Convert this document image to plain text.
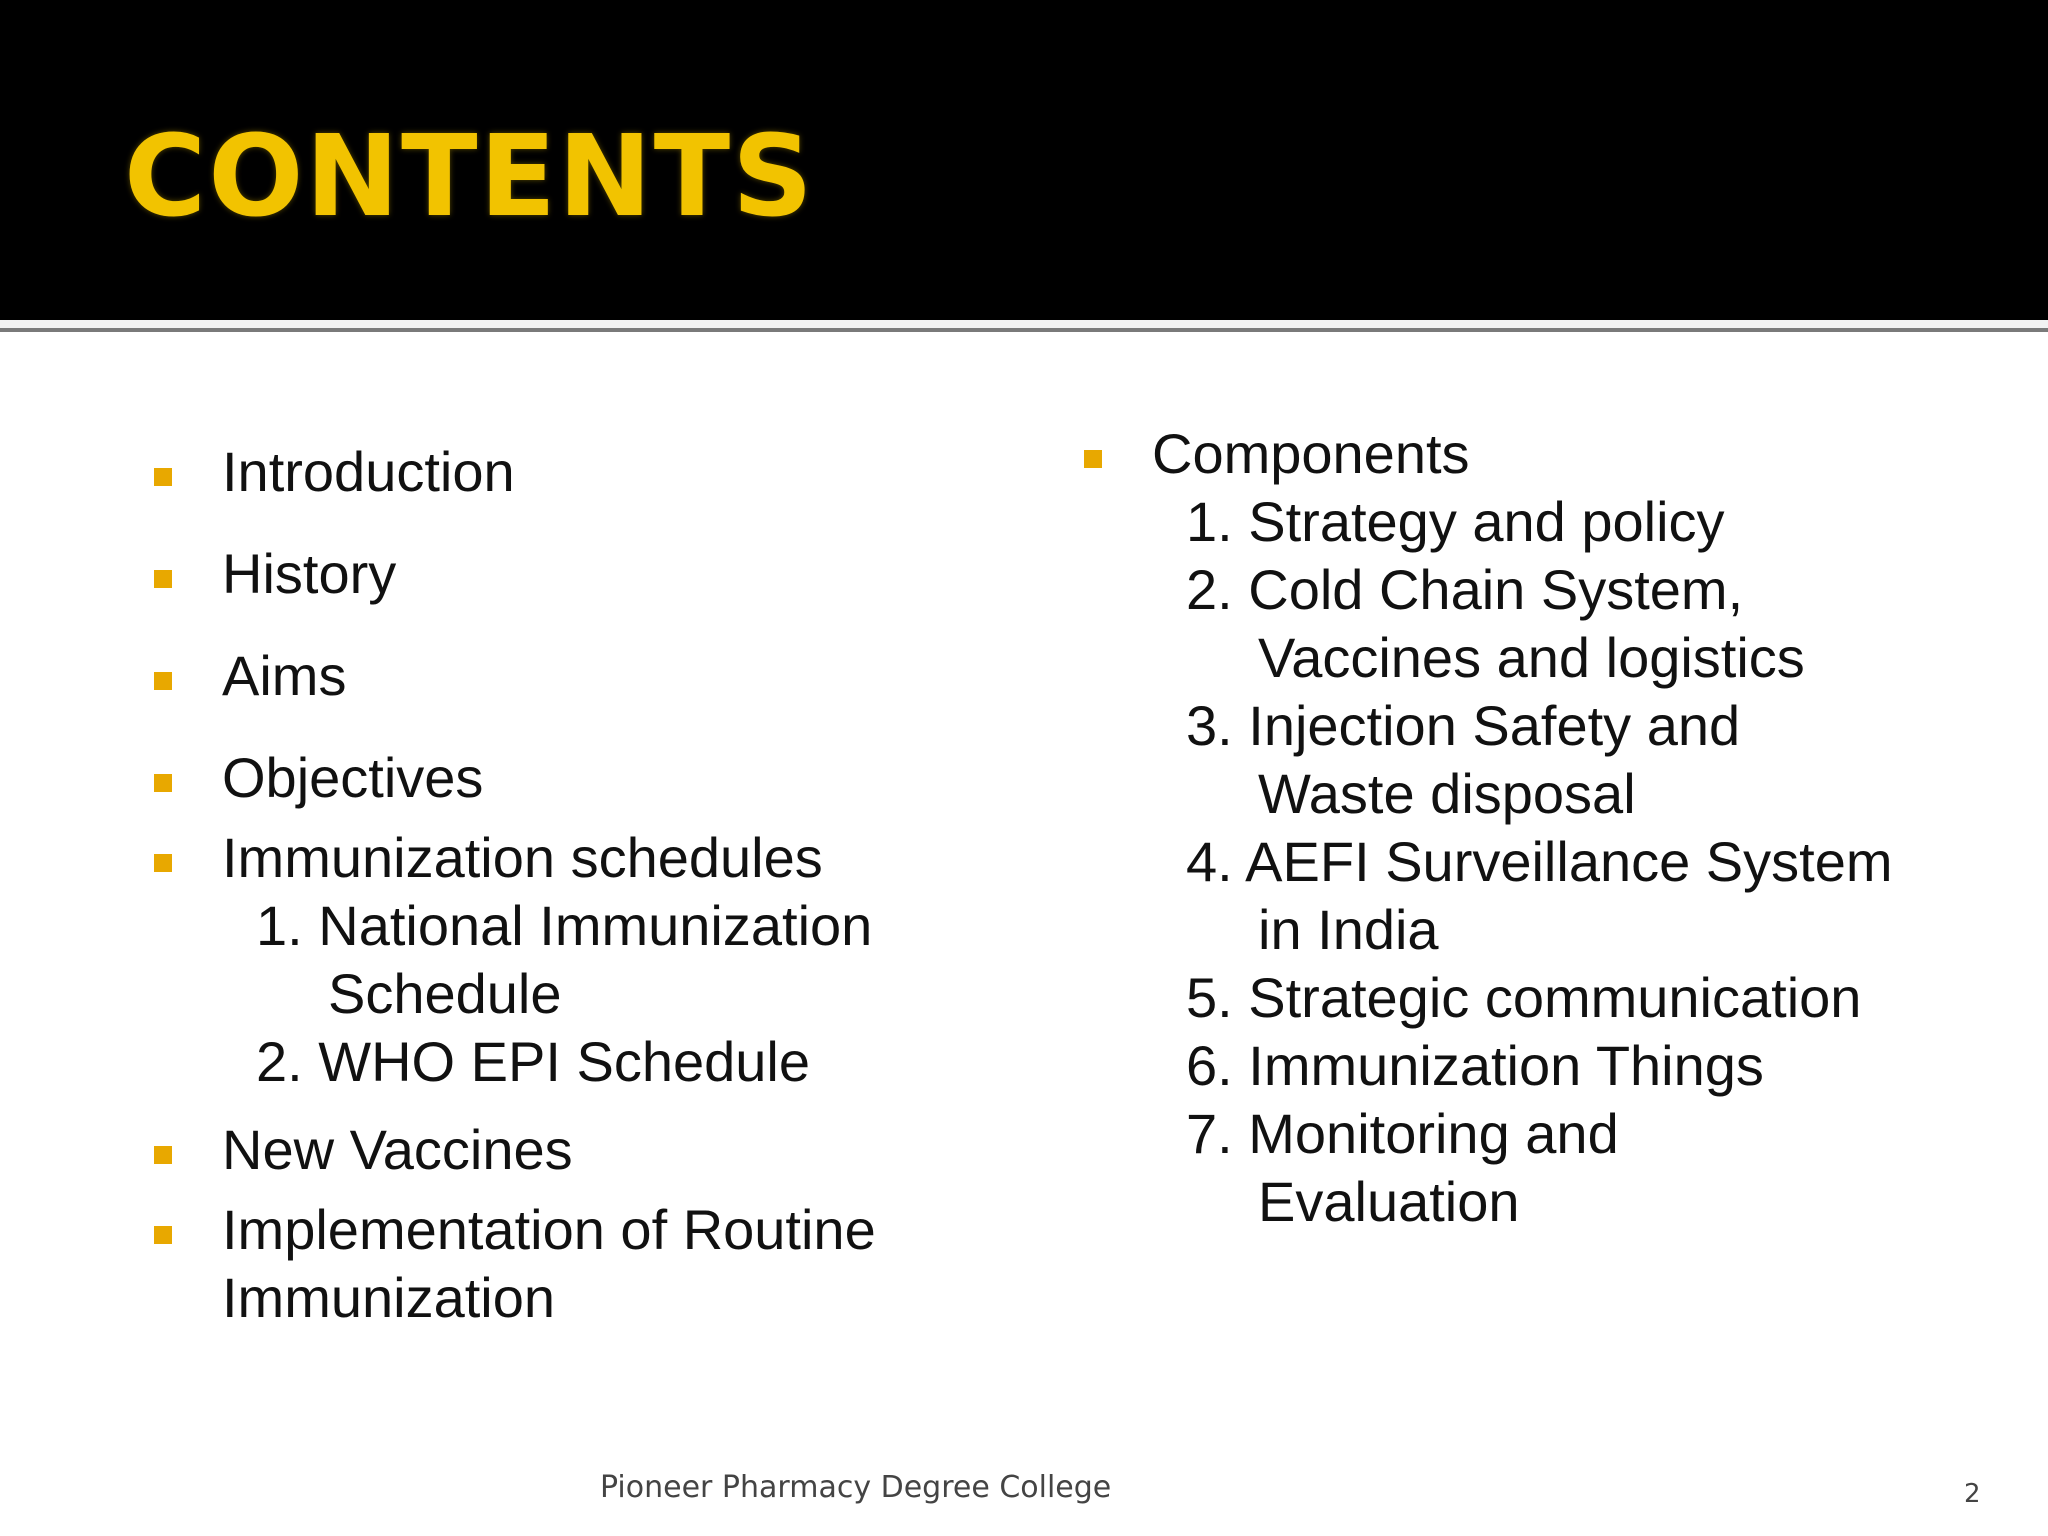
CONTENTS
Introduction
History
Aims
Objectives
Immunization schedules
1. National Immunization
Schedule
2. WHO EPI Schedule
New Vaccines
Implementation of Routine
Immunization
Components
1. Strategy and policy
2. Cold Chain System,
Vaccines and logistics
3. Injection Safety and
Waste disposal
4. AEFI Surveillance System
in India
5. Strategic communication
6. Immunization Things
7. Monitoring and
Evaluation
Pioneer Pharmacy Degree College	2
